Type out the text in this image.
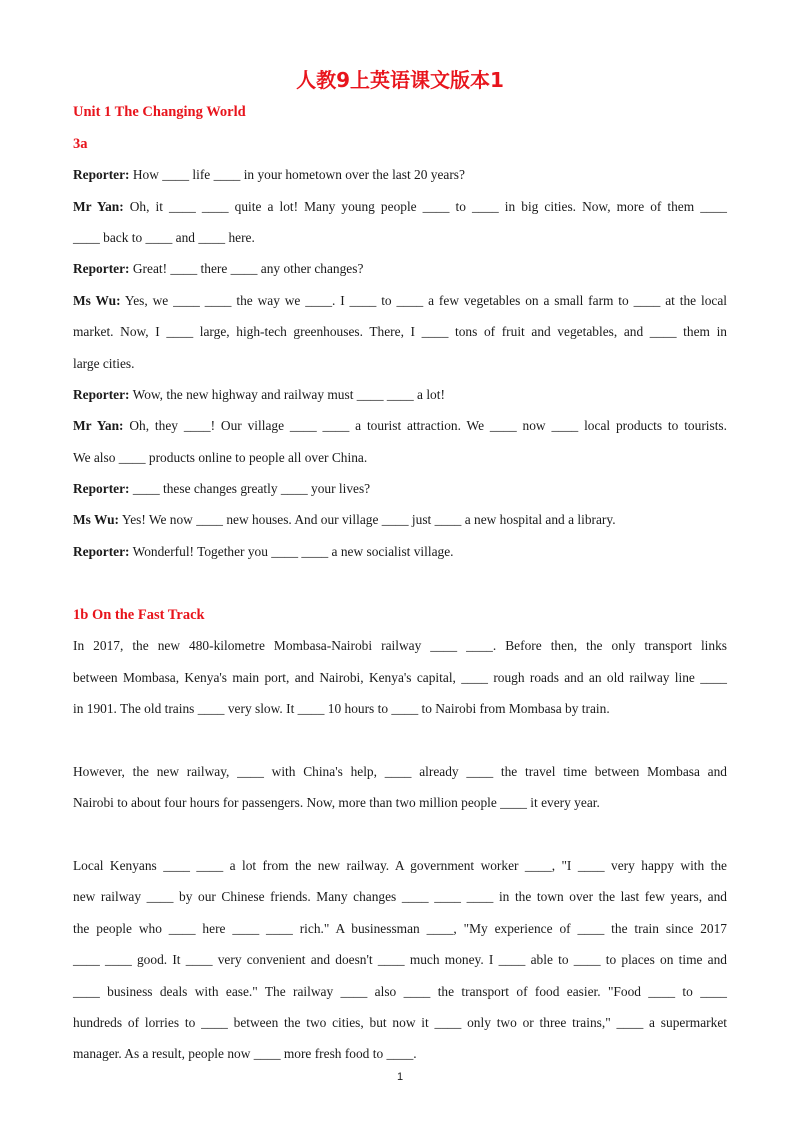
人教9上英语课文版本1
Unit 1 The Changing World
3a
Reporter: How ____ life ____ in your hometown over the last 20 years?
Mr Yan: Oh, it ____ ____ quite a lot! Many young people ____ to ____ in big cities. Now, more of them ____
____ back to ____ and ____ here.
Reporter: Great! ____ there ____ any other changes?
Ms Wu: Yes, we ____ ____ the way we ____. I ____ to ____ a few vegetables on a small farm to ____ at the local
market. Now, I ____ large, high-tech greenhouses. There, I ____ tons of fruit and vegetables, and ____ them in
large cities.
Reporter: Wow, the new highway and railway must ____ ____ a lot!
Mr Yan: Oh, they ____! Our village ____ ____ a tourist attraction. We ____ now ____ local products to tourists.
We also ____ products online to people all over China.
Reporter: ____ these changes greatly ____ your lives?
Ms Wu: Yes! We now ____ new houses. And our village ____ just ____ a new hospital and a library.
Reporter: Wonderful! Together you ____ ____ a new socialist village.
1b On the Fast Track
In 2017, the new 480-kilometre Mombasa-Nairobi railway ____ ____. Before then, the only transport links
between Mombasa, Kenya's main port, and Nairobi, Kenya's capital, ____ rough roads and an old railway line ____
in 1901. The old trains ____ very slow. It ____ 10 hours to ____ to Nairobi from Mombasa by train.
However, the new railway, ____ with China's help, ____ already ____ the travel time between Mombasa and
Nairobi to about four hours for passengers. Now, more than two million people ____ it every year.
Local Kenyans ____ ____ a lot from the new railway. A government worker ____, "I ____ very happy with the
new railway ____ by our Chinese friends. Many changes ____ ____ ____ in the town over the last few years, and
the people who ____ here ____ ____ rich." A businessman ____, "My experience of ____ the train since 2017
____ ____ good. It ____ very convenient and doesn't ____ much money. I ____ able to ____ to places on time and
____ business deals with ease." The railway ____ also ____ the transport of food easier. "Food ____ to ____
hundreds of lorries to ____ between the two cities, but now it ____ only two or three trains," ____ a supermarket
manager. As a result, people now ____ more fresh food to ____.
1
